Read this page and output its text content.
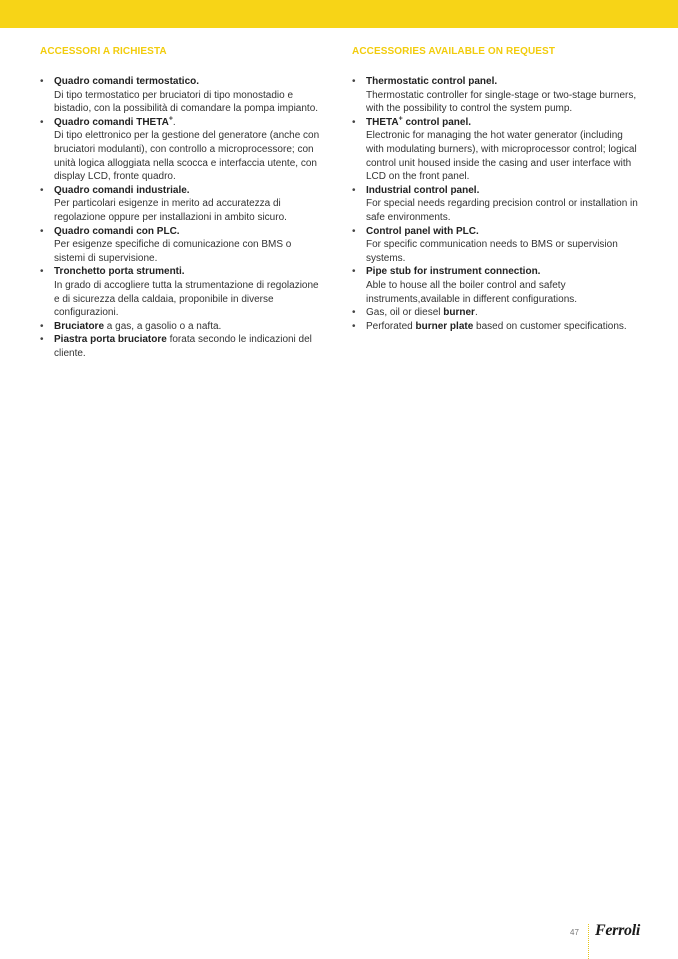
ACCESSORI A RICHIESTA
• Quadro comandi termostatico.
Di tipo termostatico per bruciatori di tipo monostadio e bistadio, con la possibilità di comandare la pompa impianto.
• Quadro comandi THETA+.
Di tipo elettronico per la gestione del generatore (anche con bruciatori modulanti), con controllo a microprocessore; con unità logica alloggiata nella scocca e interfaccia utente, con display LCD, fronte quadro.
• Quadro comandi industriale.
Per particolari esigenze in merito ad accuratezza di regolazione oppure per installazioni in ambito sicuro.
• Quadro comandi con PLC.
Per esigenze specifiche di comunicazione con BMS o sistemi di supervisione.
• Tronchetto porta strumenti.
In grado di accogliere tutta la strumentazione di regolazione e di sicurezza della caldaia, proponibile in diverse configurazioni.
• Bruciatore a gas, a gasolio o a nafta.
• Piastra porta bruciatore forata secondo le indicazioni del cliente.
ACCESSORIES AVAILABLE ON REQUEST
• Thermostatic control panel.
Thermostatic controller for single-stage or two-stage burners, with the possibility to control the system pump.
• THETA+ control panel.
Electronic for managing the hot water generator (including with modulating burners), with microprocessor control; logical control unit housed inside the casing and user interface with LCD on the front panel.
• Industrial control panel.
For special needs regarding precision control or installation in safe environments.
• Control panel with PLC.
For specific communication needs to BMS or supervision systems.
• Pipe stub for instrument connection.
Able to house all the boiler control and safety instruments,available in different configurations.
• Gas, oil or diesel burner.
• Perforated burner plate based on customer specifications.
47 Ferroli
